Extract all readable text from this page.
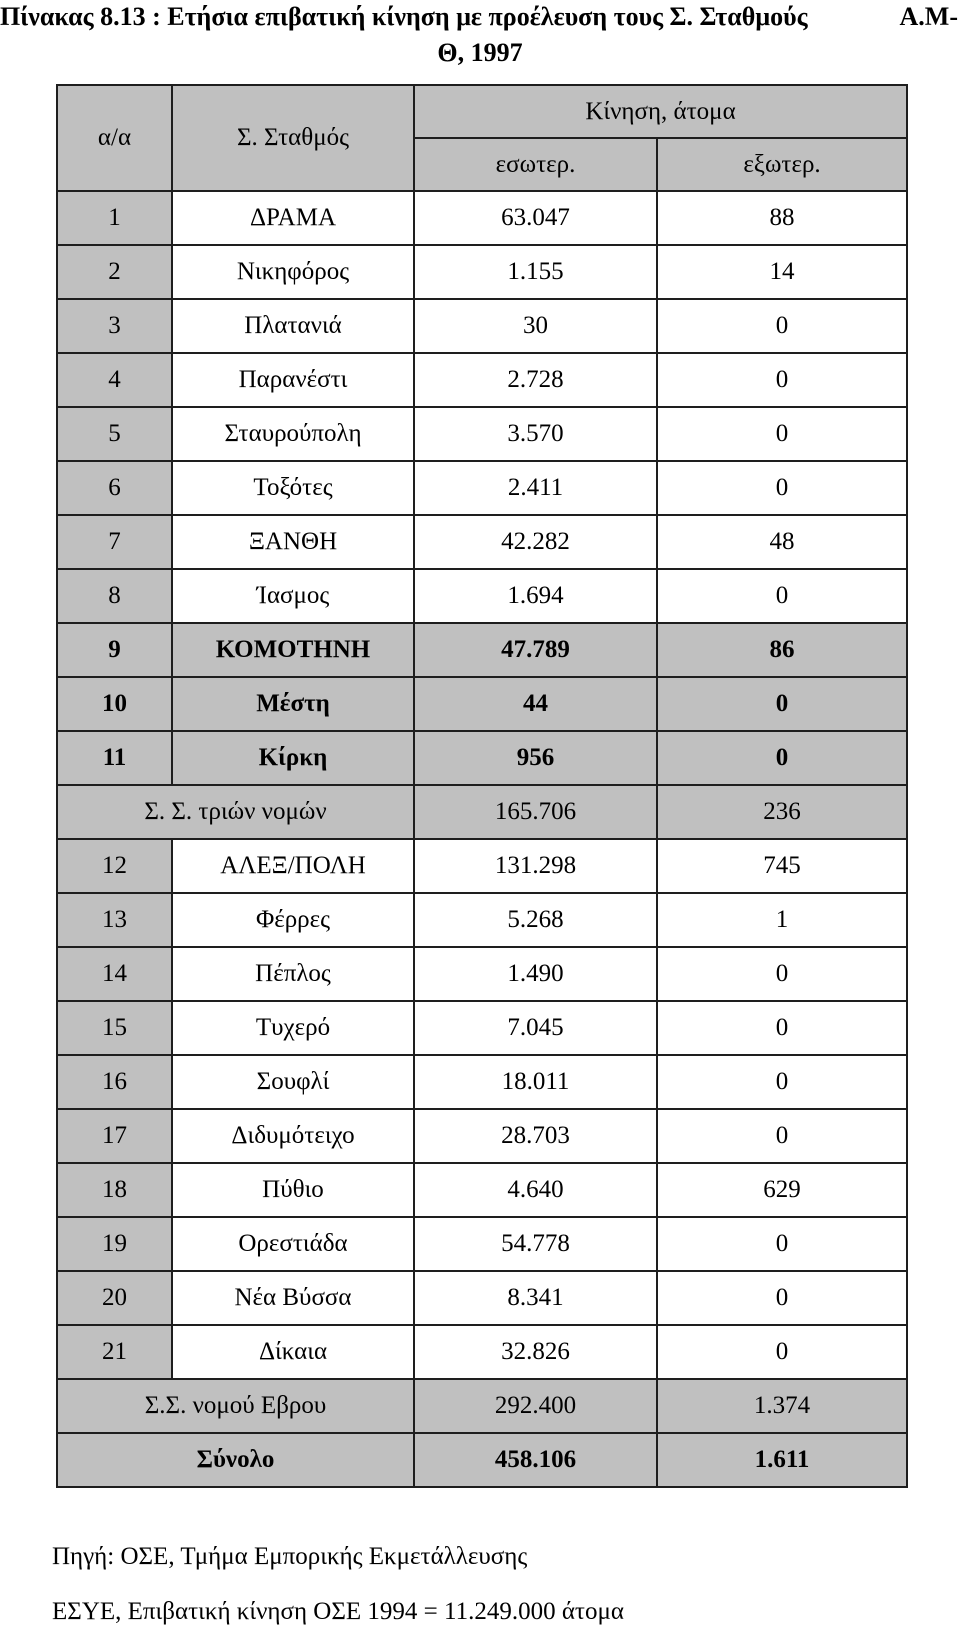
Πίνακας 8.13 : Ετήσια επιβατική κίνηση με προέλευση τους Σ. Σταθμούς	Α.Μ-
Θ, 1997
α/α	Σ. Σταθμός	Κίνηση, άτομα	
		εσωτερ.	εξωτερ.
1	ΔΡΑΜΑ	63.047	88
2	Νικηφόρος	1.155	14
3	Πλατανιά	30	0
4	Παρανέστι	2.728	0
5	Σταυρούπολη	3.570	0
6	Τοξότες	2.411	0
7	ΞΑΝΘΗ	42.282	48
8	Ίασμος	1.694	0
9	ΚΟΜΟΤΗΝΗ	47.789	86
10	Μέστη	44	0
11	Κίρκη	956	0
Σ. Σ. τριών νομών		165.706	236
12	ΑΛΕΞ/ΠΟΛΗ	131.298	745
13	Φέρρες	5.268	1
14	Πέπλος	1.490	0
15	Τυχερό	7.045	0
16	Σουφλί	18.011	0
17	Διδυμότειχο	28.703	0
18	Πύθιο	4.640	629
19	Ορεστιάδα	54.778	0
20	Νέα Βύσσα	8.341	0
21	Δίκαια	32.826	0
Σ.Σ. νομού Εβρου		292.400	1.374
Σύνολο		458.106	1.611
Πηγή: ΟΣΕ, Τμήμα Εμπορικής Εκμετάλλευσης
ΕΣΥΕ, Επιβατική κίνηση ΟΣΕ 1994 = 11.249.000 άτομα
